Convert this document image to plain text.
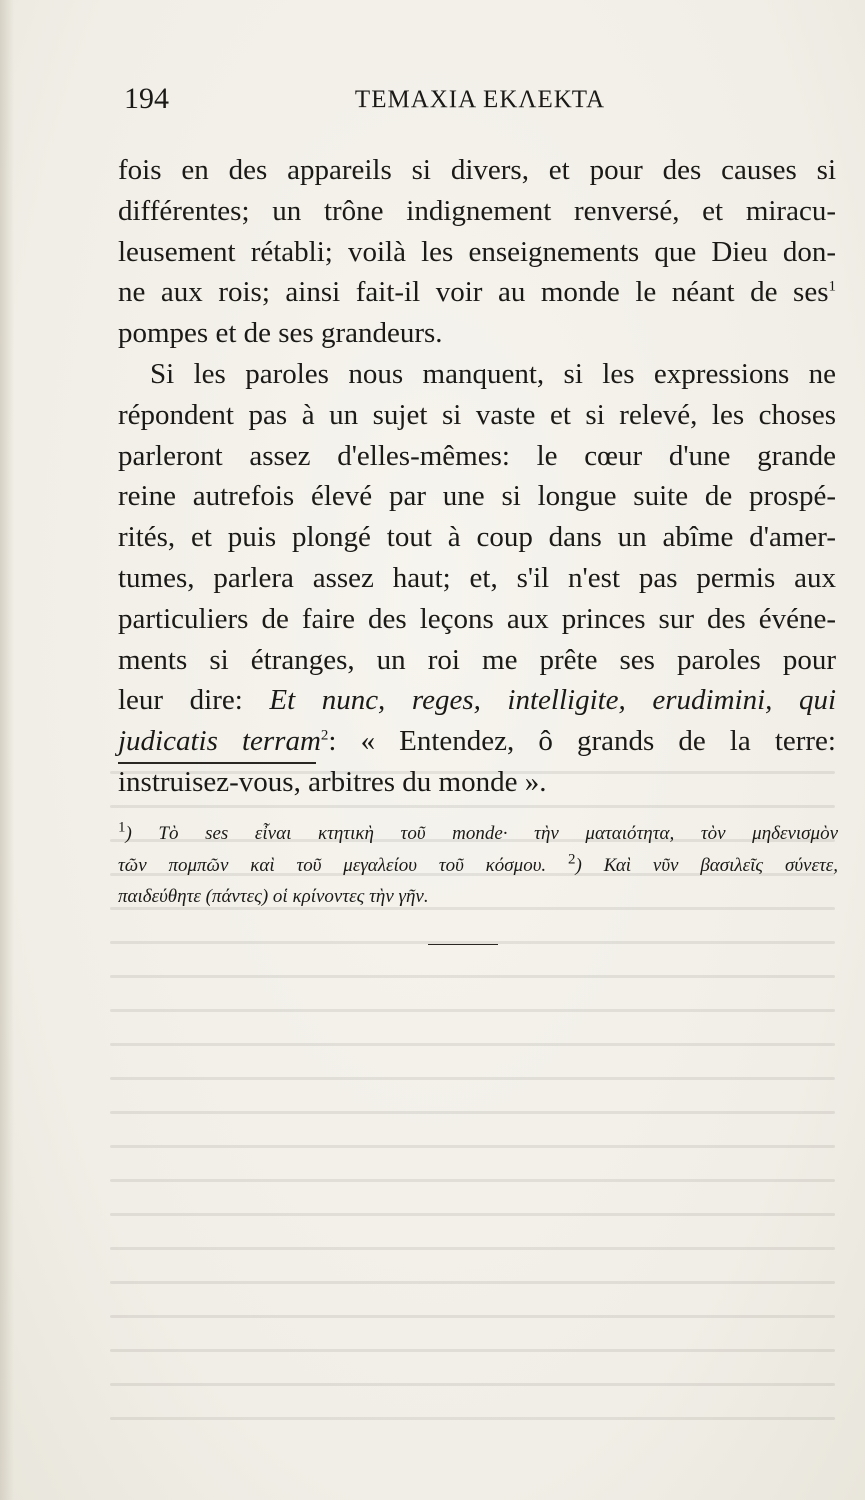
194	ΤΕΜΑΧΙΑ ΕΚΛΕΚΤΑ
fois en des appareils si divers, et pour des causes si
différentes; un trône indignement renversé, et miracu-
leusement rétabli; voilà les enseignements que Dieu don-
ne aux rois; ainsi fait-il voir au monde le néant de ses$^1$
pompes et de ses grandeurs.
Si les paroles nous manquent, si les expressions ne
répondent pas à un sujet si vaste et si relevé, les choses
parleront assez d'elles-mêmes: le cœur d'une grande
reine autrefois élevé par une si longue suite de prospé-
rités, et puis plongé tout à coup dans un abîme d'amer-
tumes, parlera assez haut; et, s'il n'est pas permis aux
particuliers de faire des leçons aux princes sur des événe-
ments si étranges, un roi me prête ses paroles pour
leur dire: Et nunc, reges, intelligite, erudimini, qui
judicatis terram$^2$: « Entendez, ô grands de la terre:
instruisez-vous, arbitres du monde ».
$^1$) Τὸ ses εἶναι κτητικὴ τοῦ monde· τὴν ματαιότητα, τὸν μηδενισμὸν
τῶν πομπῶν καὶ τοῦ μεγαλείου τοῦ κόσμου. $^2$) Καὶ νῦν βασιλεῖς σύνετε,
παιδεύθητε (πάντες) οἱ κρίνοντες τὴν γῆν.
